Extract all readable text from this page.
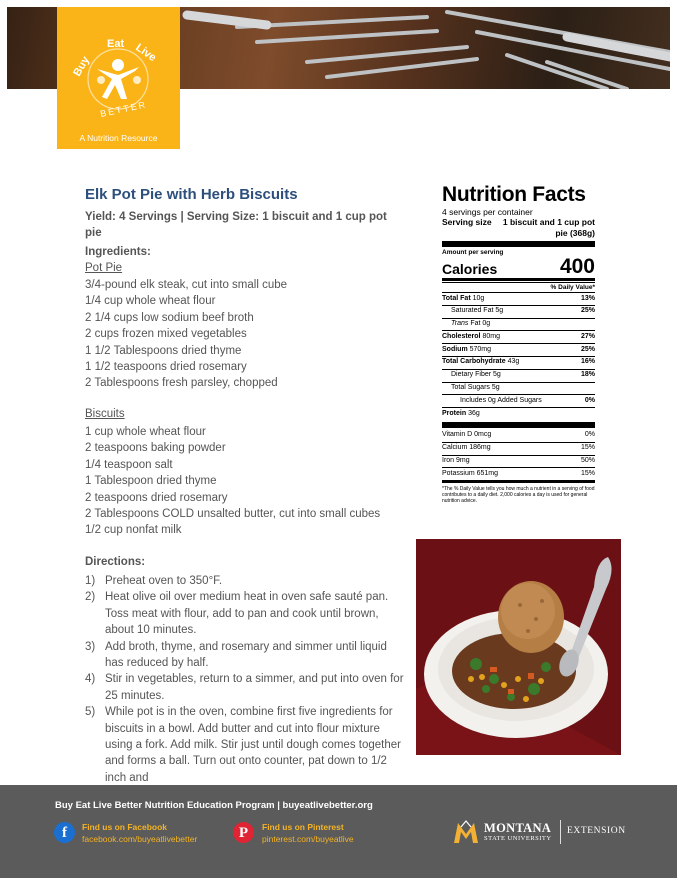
Buy
Eat Live
BETTER
A Nutrition Resource
Elk Pot Pie with Herb Biscuits
Yield: 4 Servings | Serving Size: 1 biscuit and 1 cup pot pie
Ingredients:
Pot Pie
3/4-pound elk steak, cut into small cube
1/4 cup whole wheat flour
2 1/4 cups low sodium beef broth
2 cups frozen mixed vegetables
1 1/2 Tablespoons dried thyme
1 1/2 teaspoons dried rosemary
2 Tablespoons fresh parsley, chopped
Biscuits
1 cup whole wheat flour
2 teaspoons baking powder
1/4 teaspoon salt
1 Tablespoon dried thyme
2 teaspoons dried rosemary
2 Tablespoons COLD unsalted butter, cut into small cubes
1/2 cup nonfat milk
Directions:
1) Preheat oven to 350°F.
2) Heat olive oil over medium heat in oven safe sauté pan. Toss meat with flour, add to pan and cook until brown, about 10 minutes.
3) Add broth, thyme, and rosemary and simmer until liquid has reduced by half.
4) Stir in vegetables, return to a simmer, and put into oven for 25 minutes.
5) While pot is in the oven, combine first five ingredients for biscuits in a bowl. Add butter and cut into flour mixture using a fork. Add milk. Stir just until dough comes together and forms a ball. Turn out onto counter, pat down to 1/2 inch and
Nutrition Facts
4 servings per container
Serving size	1 biscuit and 1 cup pot pie (368g)
Amount per serving
Calories	400
% Daily Value*
Total Fat 10g	13%
Saturated Fat 5g	25%
Trans Fat 0g
Cholesterol 80mg	27%
Sodium 570mg	25%
Total Carbohydrate 43g	16%
Dietary Fiber 5g	18%
Total Sugars 5g
Includes 0g Added Sugars	0%
Protein 36g
Vitamin D 0mcg	0%
Calcium 186mg	15%
Iron 9mg	50%
Potassium 651mg	15%
*The % Daily Value tells you how much a nutrient in a serving of food contributes to a daily diet. 2,000 calories a day is used for general nutrition advice.
Buy Eat Live Better Nutrition Education Program | buyeatlivebetter.org
f	Find us on Facebook
facebook.com/buyeatlivebetter	P	Find us on Pinterest
pinterest.com/buyeatlive
MONTANA
STATE UNIVERSITY
EXTENSION
